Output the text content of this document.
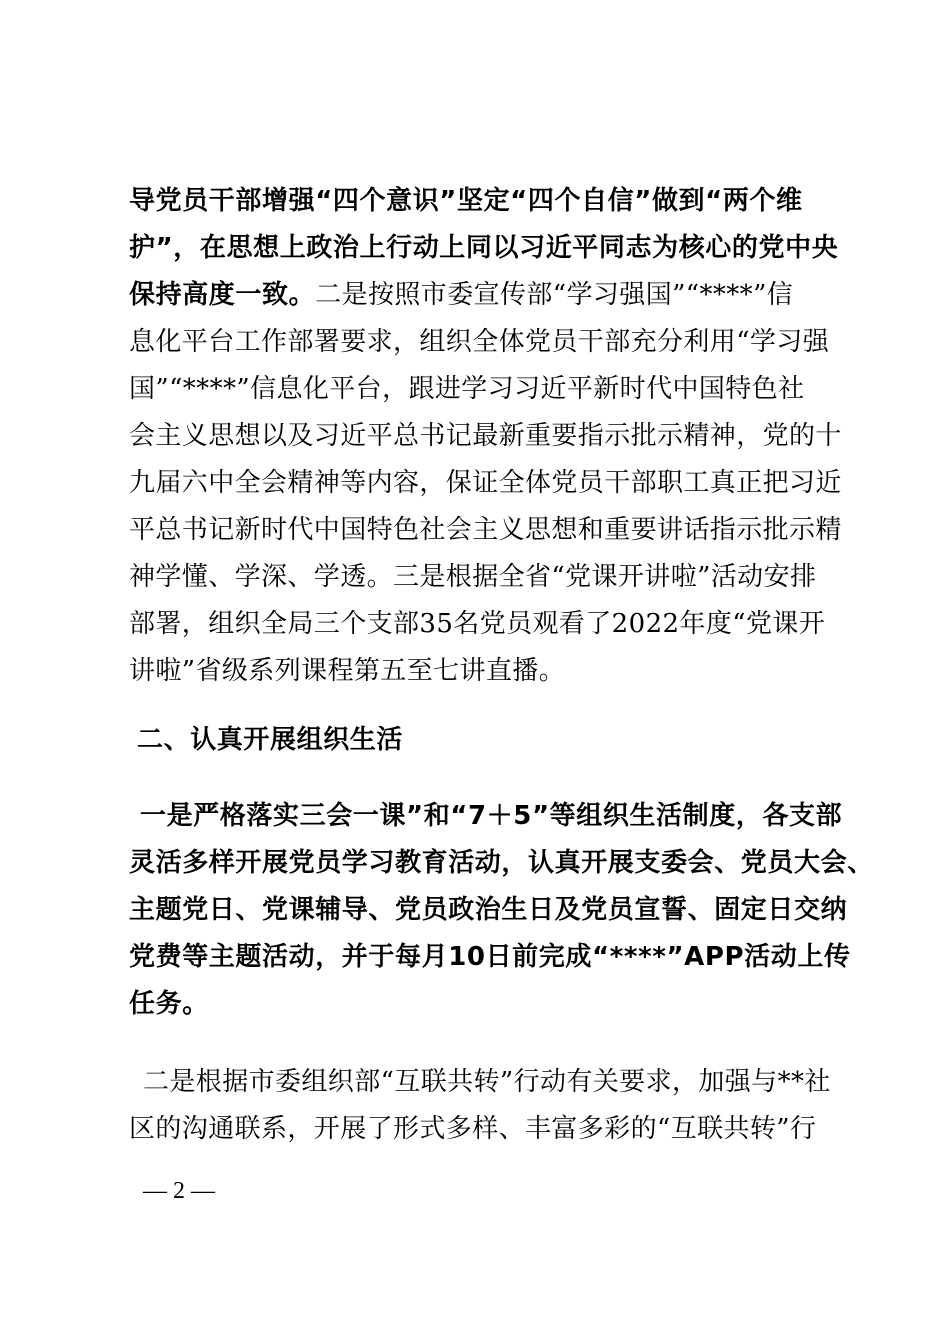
导党员干部增强“四个意识”坚定“四个自信”做到“两个维
护”，在思想上政治上行动上同以习近平同志为核心的党中央
保持高度一致。二是按照市委宣传部“学习强国”“****”信
息化平台工作部署要求，组织全体党员干部充分利用“学习强
国”“****”信息化平台，跟进学习习近平新时代中国特色社
会主义思想以及习近平总书记最新重要指示批示精神，党的十
九届六中全会精神等内容，保证全体党员干部职工真正把习近
平总书记新时代中国特色社会主义思想和重要讲话指示批示精
神学懂、学深、学透。三是根据全省“党课开讲啦”活动安排
部署，组织全局三个支部35名党员观看了2022年度“党课开
讲啦”省级系列课程第五至七讲直播。
二、认真开展组织生活
一是严格落实三会一课”和“7＋5”等组织生活制度，各支部
灵活多样开展党员学习教育活动，认真开展支委会、党员大会、
主题党日、党课辅导、党员政治生日及党员宣誓、固定日交纳
党费等主题活动，并于每月10日前完成“****”APP活动上传
任务。
二是根据市委组织部“互联共转”行动有关要求，加强与**社
区的沟通联系，开展了形式多样、丰富多彩的“互联共转”行
— 2 —
